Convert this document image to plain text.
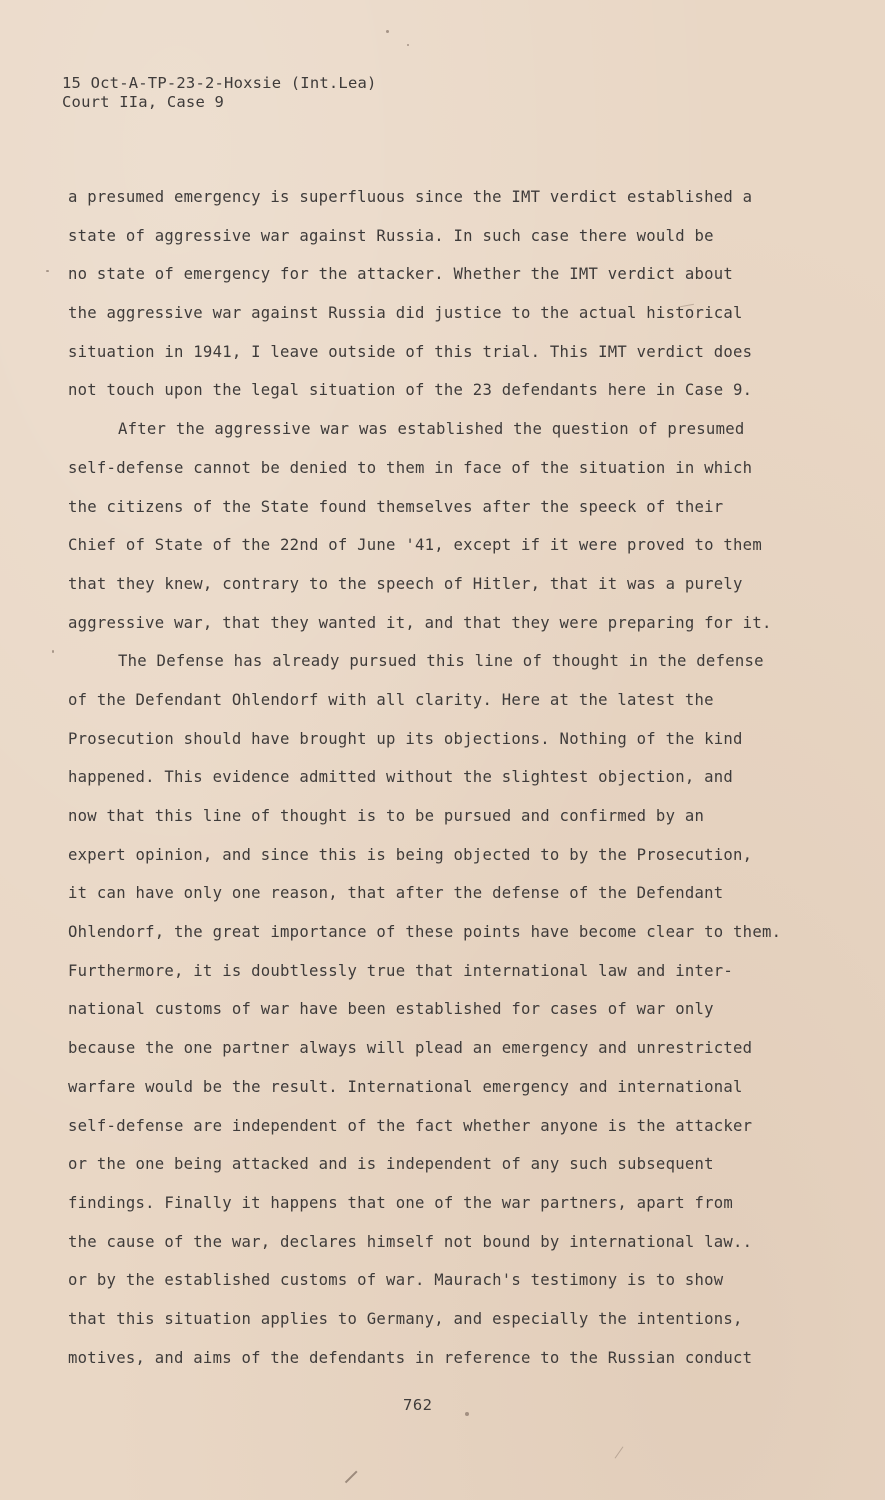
15 Oct-A-TP-23-2-Hoxsie (Int.Lea)
Court IIa, Case 9
a presumed emergency is superfluous since the IMT verdict established a
state of aggressive war against Russia. In such case there would be
no state of emergency for the attacker. Whether the IMT verdict about
the aggressive war against Russia did justice to the actual historical
situation in 1941, I leave outside of this trial. This IMT verdict does
not touch upon the legal situation of the 23 defendants here in Case 9.
After the aggressive war was established the question of presumed
self-defense cannot be denied to them in face of the situation in which
the citizens of the State found themselves after the speeck of their
Chief of State of the 22nd of June '41, except if it were proved to them
that they knew, contrary to the speech of Hitler, that it was a purely
aggressive war, that they wanted it, and that they were preparing for it.
The Defense has already pursued this line of thought in the defense
of the Defendant Ohlendorf with all clarity. Here at the latest the
Prosecution should have brought up its objections. Nothing of the kind
happened. This evidence admitted without the slightest objection, and
now that this line of thought is to be pursued and confirmed by an
expert opinion, and since this is being objected to by the Prosecution,
it can have only one reason, that after the defense of the Defendant
Ohlendorf, the great importance of these points have become clear to them.
Furthermore, it is doubtlessly true that international law and inter-
national customs of war have been established for cases of war only
because the one partner always will plead an emergency and unrestricted
warfare would be the result. International emergency and international
self-defense are independent of the fact whether anyone is the attacker
or the one being attacked and is independent of any such subsequent
findings. Finally it happens that one of the war partners, apart from
the cause of the war, declares himself not bound by international law..
or by the established customs of war. Maurach's testimony is to show
that this situation applies to Germany, and especially the intentions,
motives, and aims of the defendants in reference to the Russian conduct
762
